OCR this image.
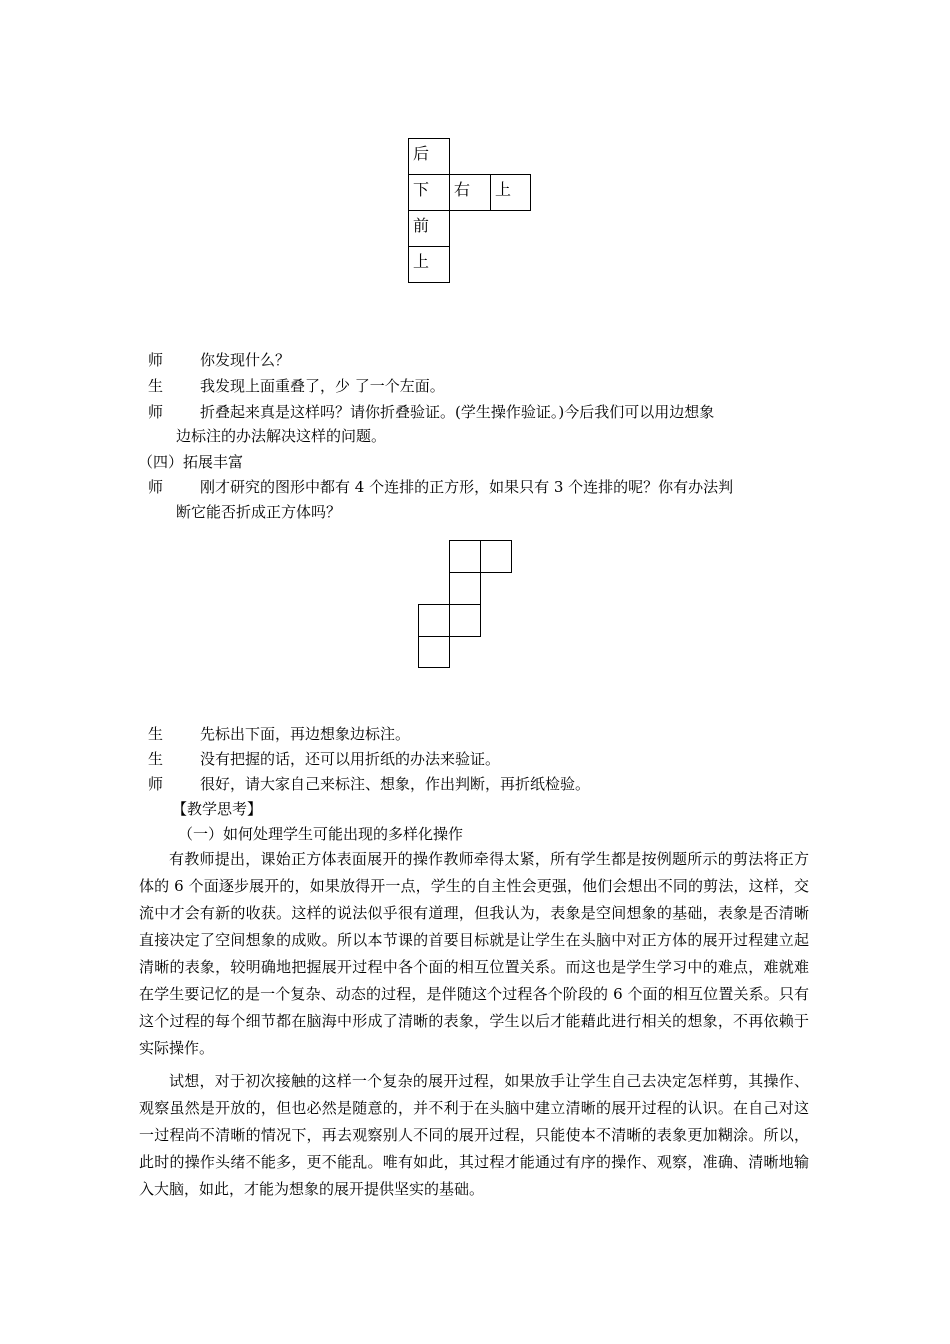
后
下 右 上
前
上
师	你发现什么？
生	我发现上面重叠了，少 了一个左面。
师	折叠起来真是这样吗？请你折叠验证。(学生操作验证。)今后我们可以用边想象
边标注的办法解决这样的问题。
（四）拓展丰富
师	刚才研究的图形中都有 4 个连排的正方形，如果只有 3 个连排的呢？你有办法判
断它能否折成正方体吗？
生	先标出下面，再边想象边标注。
生	没有把握的话，还可以用折纸的办法来验证。
师	很好，请大家自己来标注、想象，作出判断，再折纸检验。
【教学思考】
（一）如何处理学生可能出现的多样化操作
有教师提出，课始正方体表面展开的操作教师牵得太紧，所有学生都是按例题所示的剪法将正方体的 6 个面逐步展开的，如果放得开一点，学生的自主性会更强，他们会想出不同的剪法，这样，交流中才会有新的收获。这样的说法似乎很有道理，但我认为，表象是空间想象的基础，表象是否清晰直接决定了空间想象的成败。所以本节课的首要目标就是让学生在头脑中对正方体的展开过程建立起清晰的表象，较明确地把握展开过程中各个面的相互位置关系。而这也是学生学习中的难点，难就难在学生要记忆的是一个复杂、动态的过程，是伴随这个过程各个阶段的 6 个面的相互位置关系。只有这个过程的每个细节都在脑海中形成了清晰的表象，学生以后才能藉此进行相关的想象，不再依赖于实际操作。
试想，对于初次接触的这样一个复杂的展开过程，如果放手让学生自己去决定怎样剪，其操作、观察虽然是开放的，但也必然是随意的，并不利于在头脑中建立清晰的展开过程的认识。在自己对这一过程尚不清晰的情况下，再去观察别人不同的展开过程，只能使本不清晰的表象更加糊涂。所以，此时的操作头绪不能多，更不能乱。唯有如此，其过程才能通过有序的操作、观察，准确、清晰地输入大脑，如此，才能为想象的展开提供坚实的基础。
